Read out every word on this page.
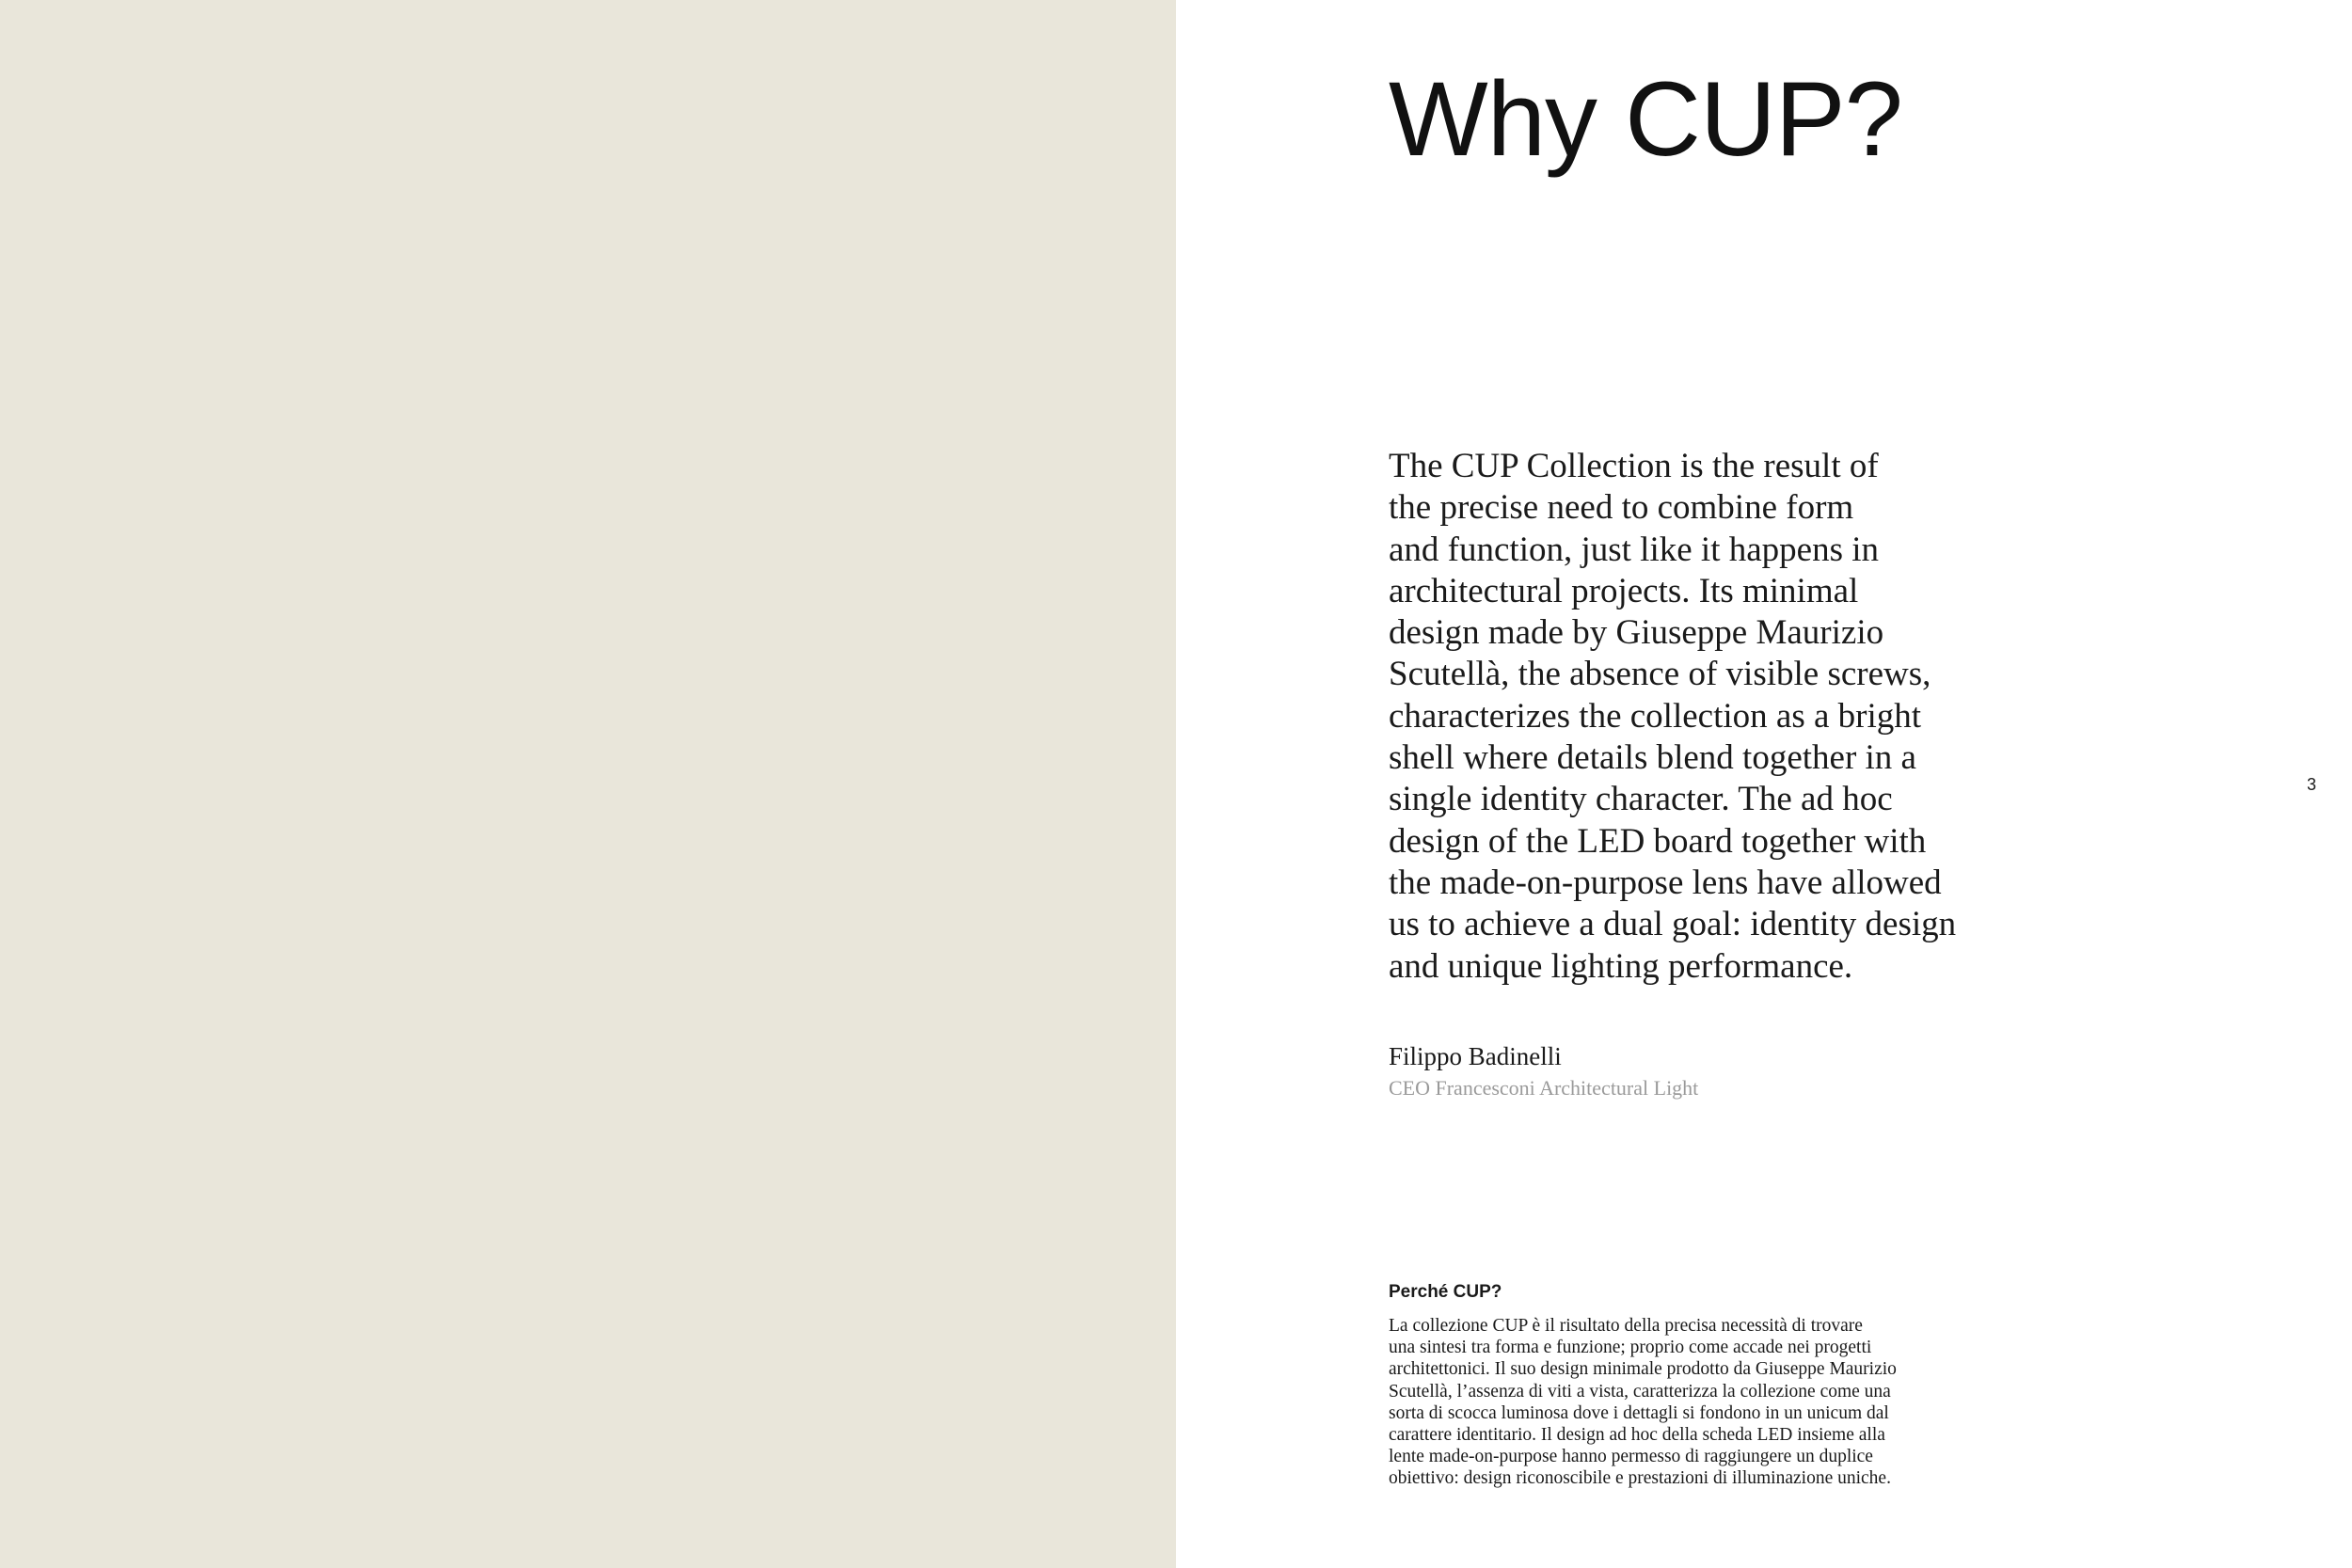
Why CUP?

The CUP Collection is the result of
the precise need to combine form
and function, just like it happens in
architectural projects. Its minimal
design made by Giuseppe Maurizio
Scutellà, the absence of visible screws,
characterizes the collection as a bright
shell where details blend together in a
single identity character. The ad hoc
design of the LED board together with
the made-on-purpose lens have allowed
us to achieve a dual goal: identity design
and unique lighting performance.

Filippo Badinelli

CEO Francesconi Architectural Light

Perché CUP?

La collezione CUP è il risultato della precisa necessità di trovare
una sintesi tra forma e funzione; proprio come accade nei progetti
architettonici. Il suo design minimale prodotto da Giuseppe Maurizio
Scutellà, l’assenza di viti a vista, caratterizza la collezione come una
sorta di scocca luminosa dove i dettagli si fondono in un unicum dal
carattere identitario. Il design ad hoc della scheda LED insieme alla
lente made-on-purpose hanno permesso di raggiungere un duplice
obiettivo: design riconoscibile e prestazioni di illuminazione uniche.

3
